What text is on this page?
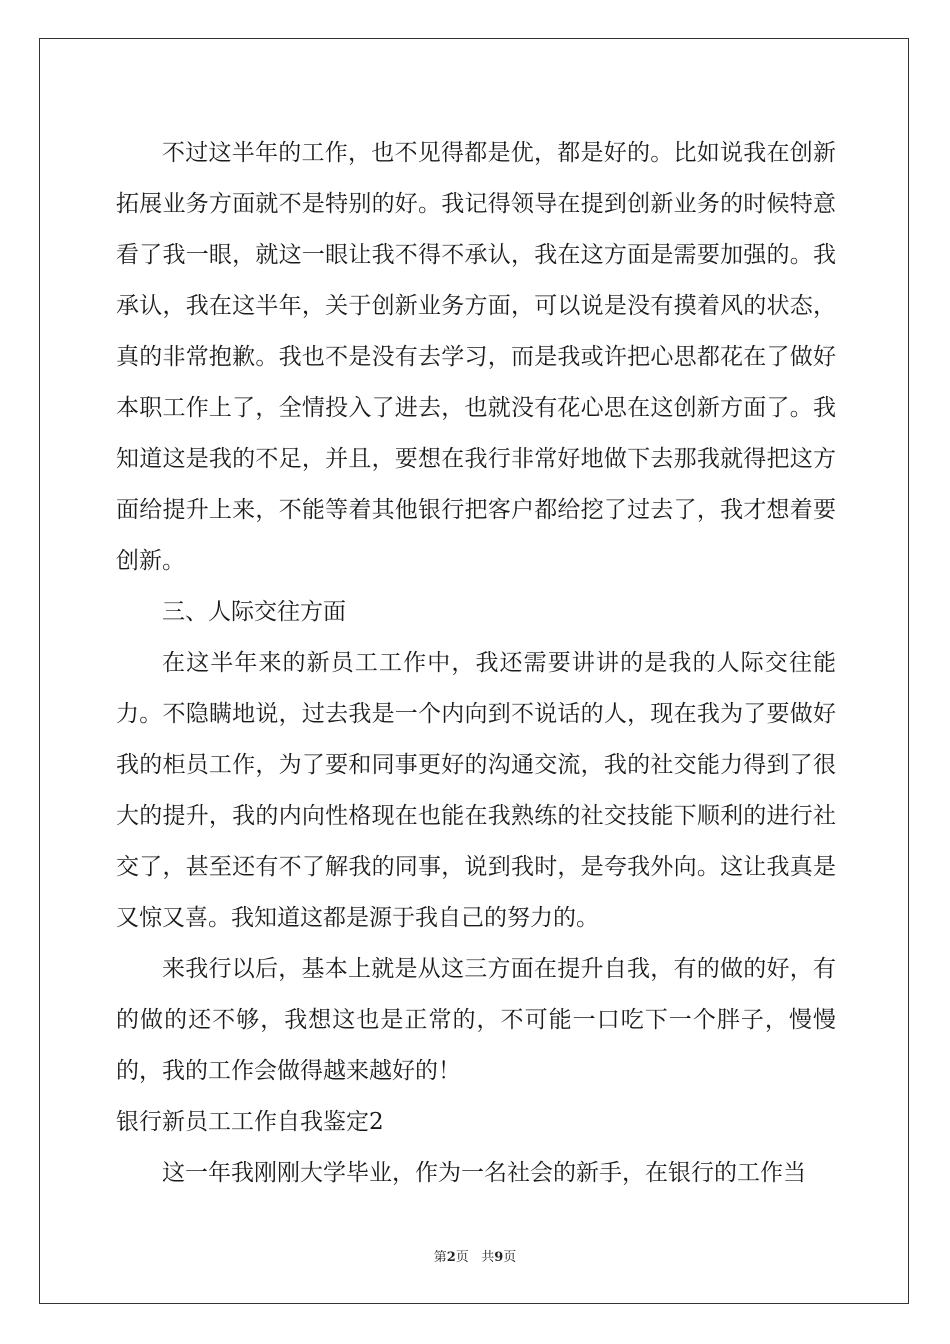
不过这半年的工作，也不见得都是优，都是好的。比如说我在创新拓展业务方面就不是特别的好。我记得领导在提到创新业务的时候特意看了我一眼，就这一眼让我不得不承认，我在这方面是需要加强的。我承认，我在这半年，关于创新业务方面，可以说是没有摸着风的状态，真的非常抱歉。我也不是没有去学习，而是我或许把心思都花在了做好本职工作上了，全情投入了进去，也就没有花心思在这创新方面了。我知道这是我的不足，并且，要想在我行非常好地做下去那我就得把这方面给提升上来，不能等着其他银行把客户都给挖了过去了，我才想着要创新。

三、人际交往方面

在这半年来的新员工工作中，我还需要讲讲的是我的人际交往能力。不隐瞒地说，过去我是一个内向到不说话的人，现在我为了要做好我的柜员工作，为了要和同事更好的沟通交流，我的社交能力得到了很大的提升，我的内向性格现在也能在我熟练的社交技能下顺利的进行社交了，甚至还有不了解我的同事，说到我时，是夸我外向。这让我真是又惊又喜。我知道这都是源于我自己的努力的。

来我行以后，基本上就是从这三方面在提升自我，有的做的好，有的做的还不够，我想这也是正常的，不可能一口吃下一个胖子，慢慢的，我的工作会做得越来越好的！

银行新员工工作自我鉴定2

这一年我刚刚大学毕业，作为一名社会的新手，在银行的工作当

第2页 共9页
